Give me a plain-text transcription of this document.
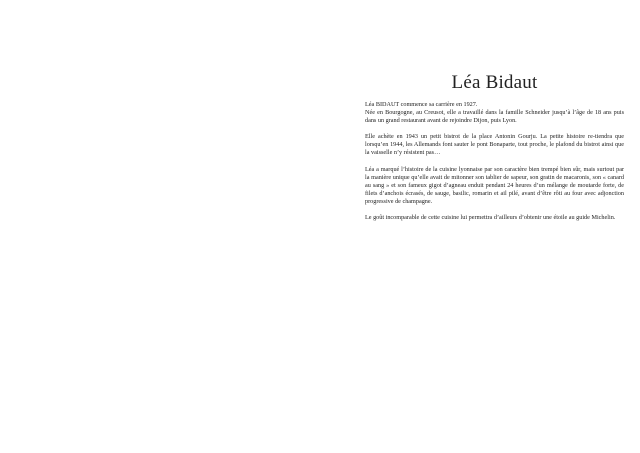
Léa Bidaut

Léa BIDAUT commence sa carrière en 1927.
Née en Bourgogne, au Creusot, elle a travaillé dans la famille Schneider jusqu’à l’âge de 18 ans puis dans un grand restaurant avant de rejoindre Dijon, puis Lyon.

Elle achète en 1943 un petit bistrot de la place Antonin Gourju. La petite histoire re-tiendra que lorsqu’en 1944, les Allemands font sauter le pont Bonaparte, tout proche, le plafond du bistrot ainsi que la vaisselle n’y résistent pas…

Léa a marqué l’histoire de la cuisine lyonnaise par son caractère bien trempé bien sûr, mais surtout par la manière unique qu’elle avait de mitonner son tablier de sapeur, son gratin de macaronis, son « canard au sang » et son fameux gigot d’agneau enduit pendant 24 heures d’un mélange de moutarde forte, de filets d’anchois écrasés, de sauge, basilic, romarin et ail pilé, avant d’être rôti au four avec adjonction progressive de champagne.

Le goût incomparable de cette cuisine lui permettra d’ailleurs d’obtenir une étoile au guide Michelin.
